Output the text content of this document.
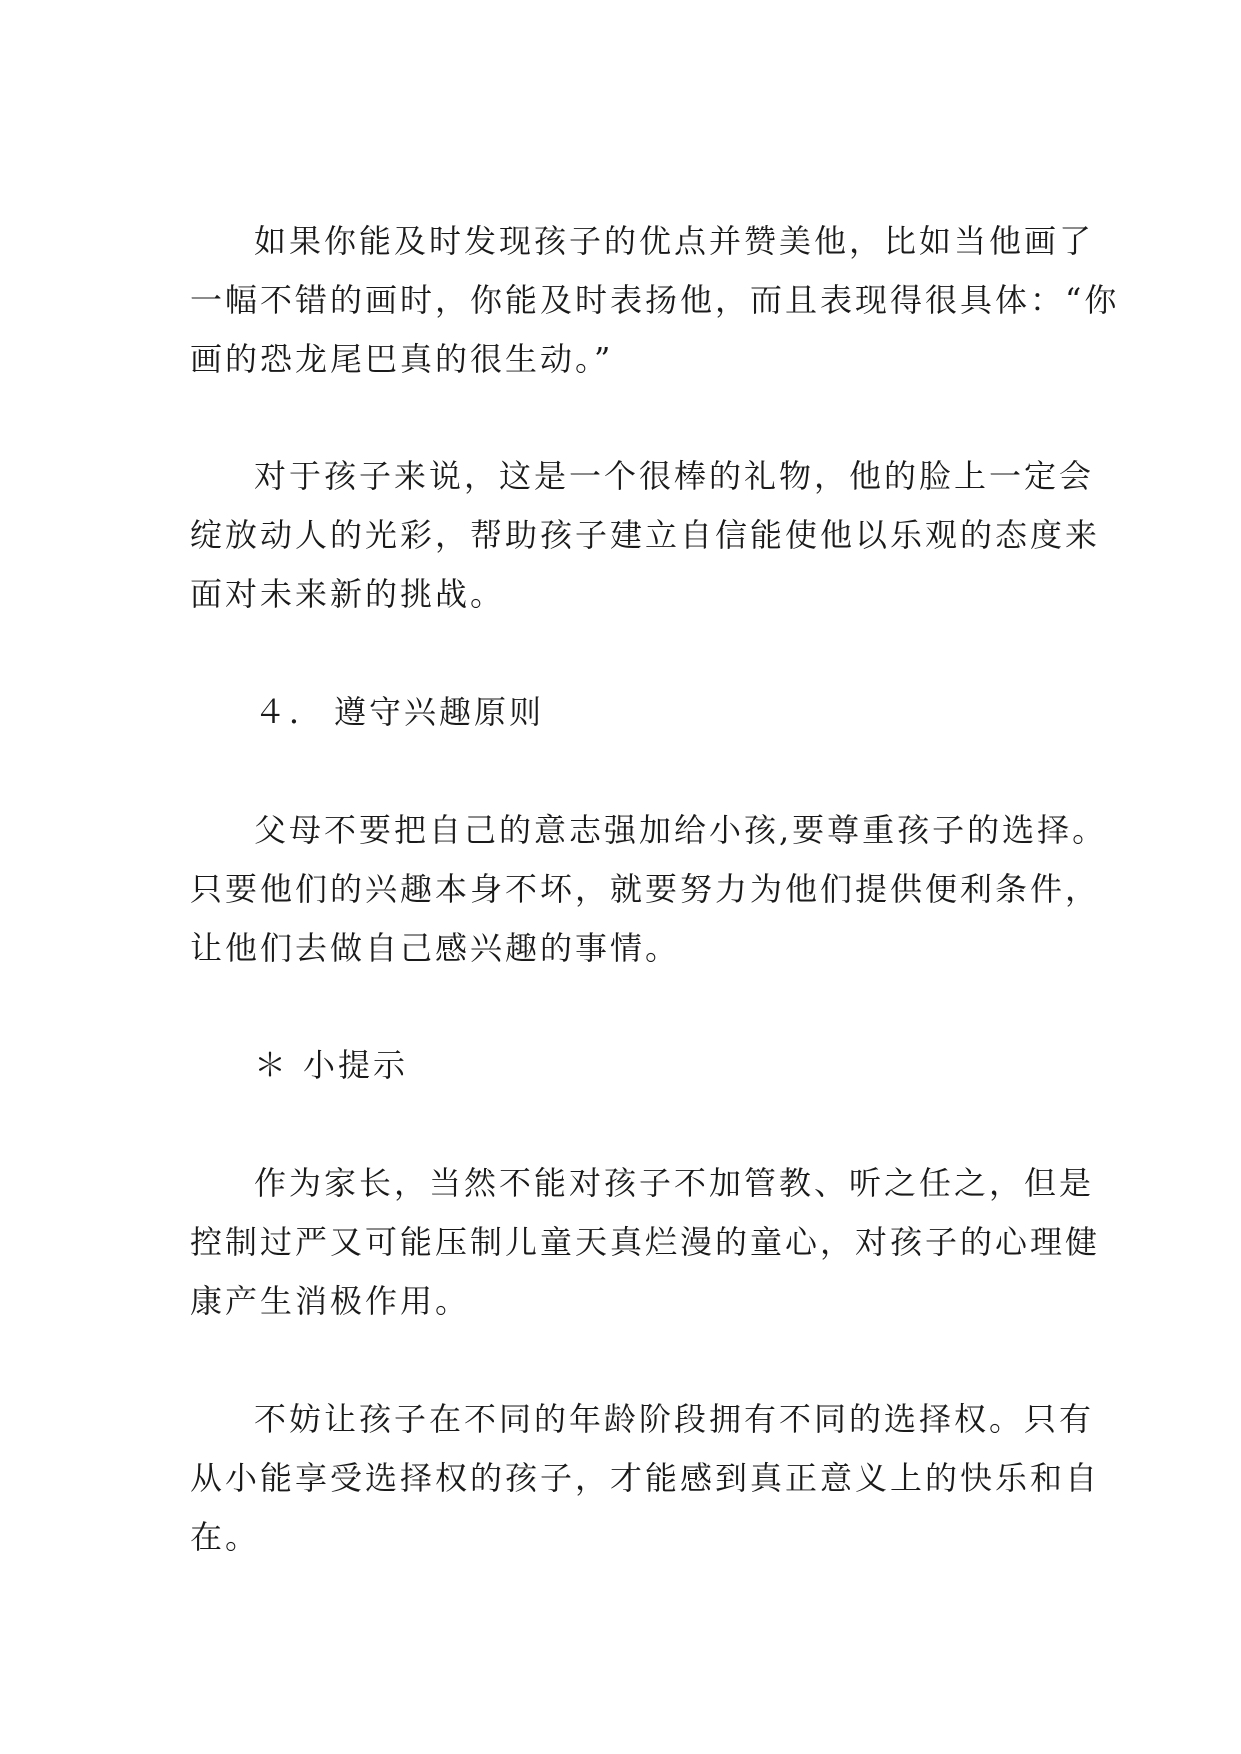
如果你能及时发现孩子的优点并赞美他，比如当他画了
一幅不错的画时，你能及时表扬他，而且表现得很具体：“你
画的恐龙尾巴真的很生动。”
对于孩子来说，这是一个很棒的礼物，他的脸上一定会
绽放动人的光彩，帮助孩子建立自信能使他以乐观的态度来
面对未来新的挑战。
４． 遵守兴趣原则
父母不要把自己的意志强加给小孩,要尊重孩子的选择。
只要他们的兴趣本身不坏，就要努力为他们提供便利条件，
让他们去做自己感兴趣的事情。
＊ 小提示
作为家长，当然不能对孩子不加管教、听之任之，但是
控制过严又可能压制儿童天真烂漫的童心，对孩子的心理健
康产生消极作用。
不妨让孩子在不同的年龄阶段拥有不同的选择权。只有
从小能享受选择权的孩子，才能感到真正意义上的快乐和自
在。
